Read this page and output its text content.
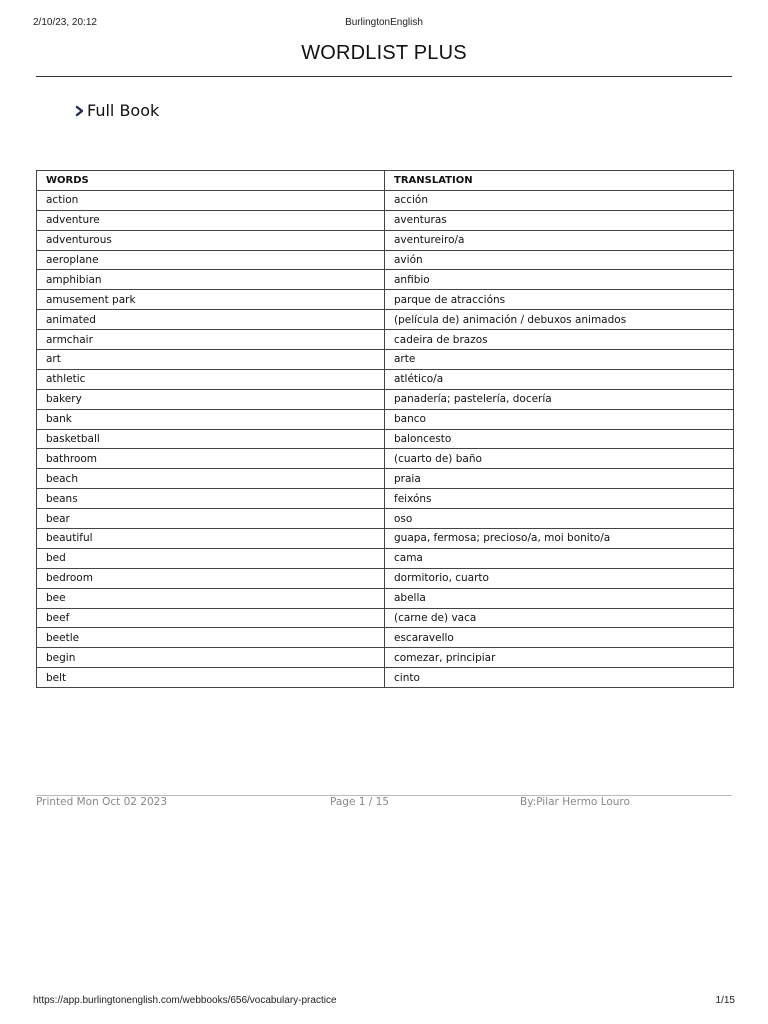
2/10/23, 20:12	BurlingtonEnglish
WORDLIST PLUS
Full Book
WORDS	TRANSLATION
action	acción
adventure	aventuras
adventurous	aventureiro/a
aeroplane	avión
amphibian	anfibio
amusement park	parque de atraccións
animated	(película de) animación / debuxos animados
armchair	cadeira de brazos
art	arte
athletic	atlético/a
bakery	panadería; pastelería, docería
bank	banco
basketball	baloncesto
bathroom	(cuarto de) baño
beach	praia
beans	feixóns
bear	oso
beautiful	guapa, fermosa; precioso/a, moi bonito/a
bed	cama
bedroom	dormitorio, cuarto
bee	abella
beef	(carne de) vaca
beetle	escaravello
begin	comezar, principiar
belt	cinto
Printed Mon Oct 02 2023	Page 1 / 15	By:Pilar Hermo Louro
https://app.burlingtonenglish.com/webbooks/656/vocabulary-practice	1/15
